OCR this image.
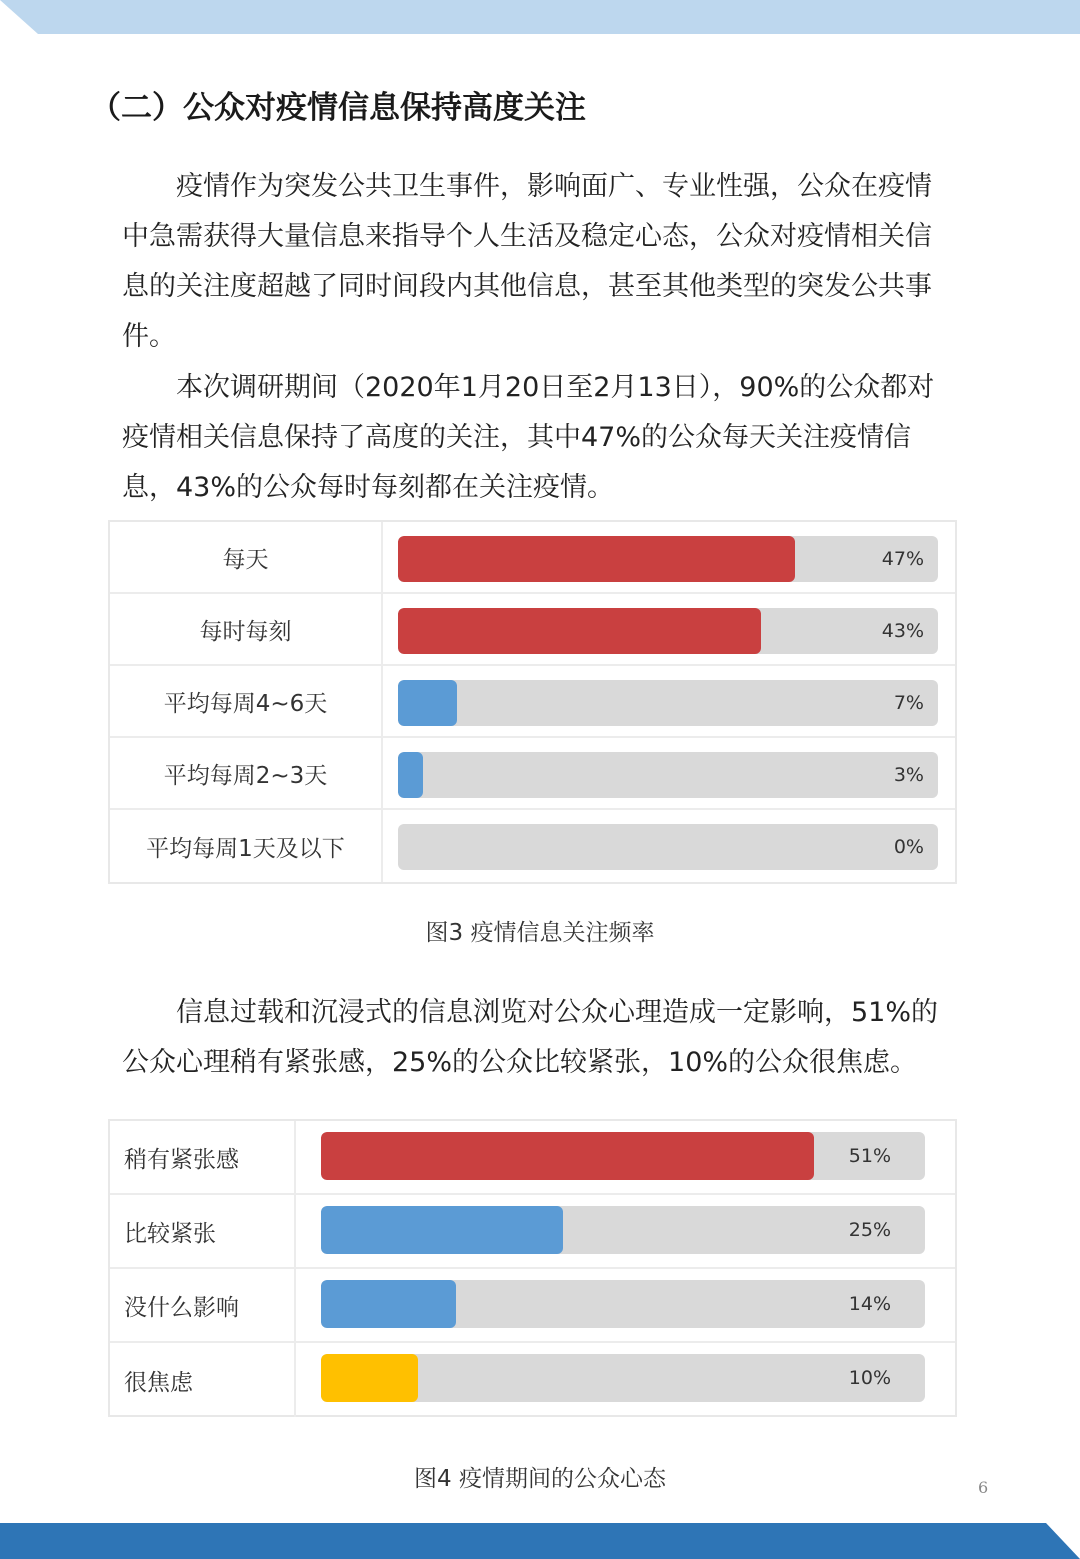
（二）公众对疫情信息保持高度关注

疫情作为突发公共卫生事件，影响面广、专业性强，公众在疫情中急需获得大量信息来指导个人生活及稳定心态，公众对疫情相关信息的关注度超越了同时间段内其他信息，甚至其他类型的突发公共事件。

本次调研期间（2020年1月20日至2月13日），90%的公众都对疫情相关信息保持了高度的关注，其中47%的公众每天关注疫情信息，43%的公众每时每刻都在关注疫情。

每天	47%
每时每刻	43%
平均每周4~6天	7%
平均每周2~3天	3%
平均每周1天及以下	0%
图3 疫情信息关注频率

信息过载和沉浸式的信息浏览对公众心理造成一定影响，51%的公众心理稍有紧张感，25%的公众比较紧张，10%的公众很焦虑。

稍有紧张感	51%
比较紧张	25%
没什么影响	14%
很焦虑	10%
图4 疫情期间的公众心态	6
